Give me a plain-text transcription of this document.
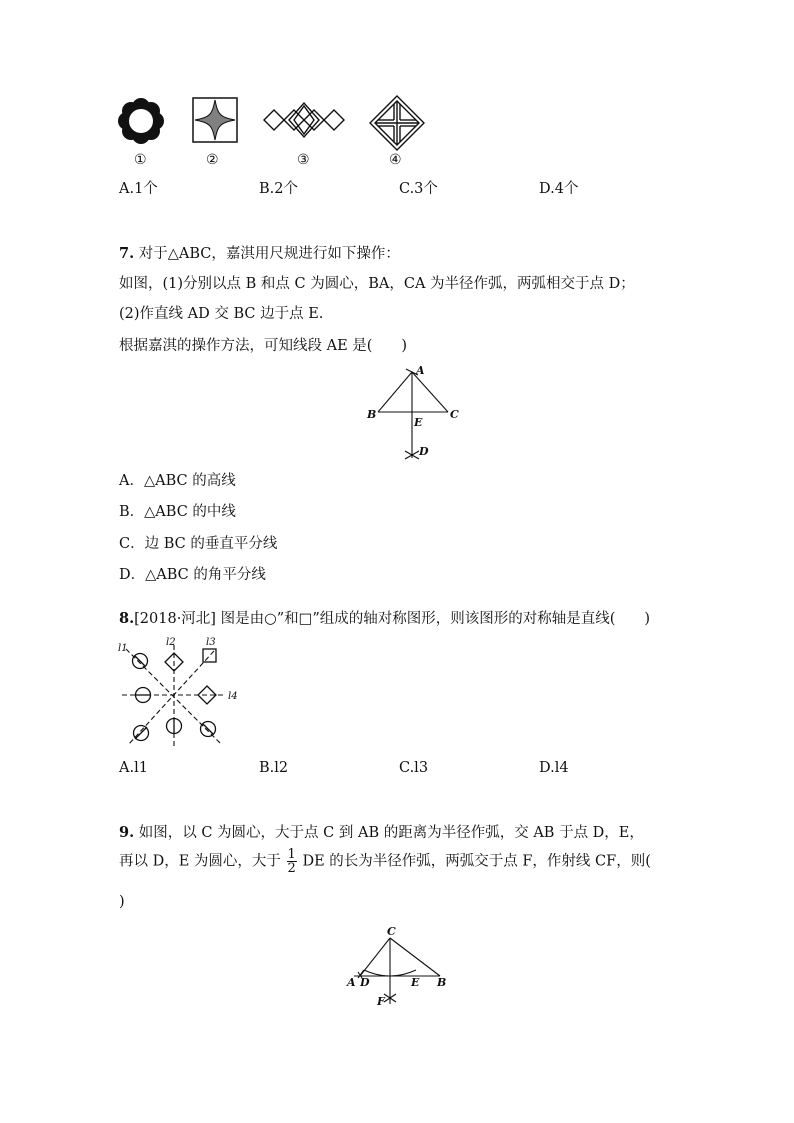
①	②	③	④
A.1个	B.2个	C.3个	D.4个
7. 对于△ABC，嘉淇用尺规进行如下操作：
如图，(1)分别以点 B 和点 C 为圆心，BA，CA 为半径作弧，两弧相交于点 D；
(2)作直线 AD 交 BC 边于点 E.
根据嘉淇的操作方法，可知线段 AE 是(　　)
A
B	C
E
D
A．△ABC 的高线
B．△ABC 的中线
C．边 BC 的垂直平分线
D．△ABC 的角平分线
8.[2018·河北] 图是由○”和□”组成的轴对称图形，则该图形的对称轴是直线(　　)
l1
l2	l3
l4
A.l1	B.l2	C.l3	D.l4
9. 如图，以 C 为圆心，大于点 C 到 AB 的距离为半径作弧，交 AB 于点 D，E，
再以 D，E 为圆心，大于 $\frac{1}{2}$ DE 的长为半径作弧，两弧交于点 F，作射线 CF，则(
)
C
A D	E B
F
